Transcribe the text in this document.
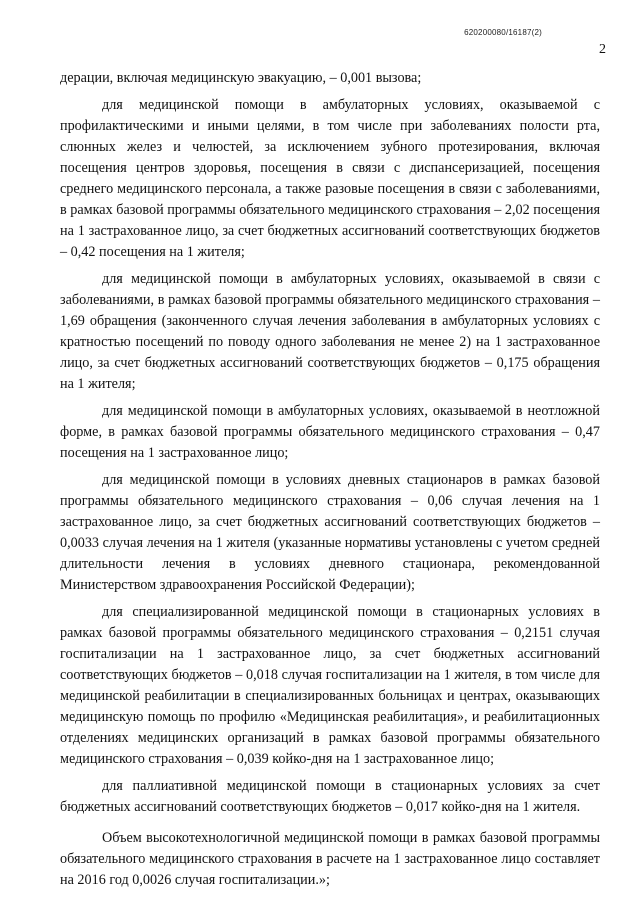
620200080/16187(2)
2

дерации, включая медицинскую эвакуацию, – 0,001 вызова;

для медицинской помощи в амбулаторных условиях, оказываемой с профилактическими и иными целями, в том числе при заболеваниях полости рта, слюнных желез и челюстей, за исключением зубного протезирования, включая посещения центров здоровья, посещения в связи с диспансеризацией, посещения среднего медицинского персонала, а также разовые посещения в связи с заболеваниями, в рамках базовой программы обязательного медицинского страхования – 2,02 посещения на 1 застрахованное лицо, за счет бюджетных ассигнований соответствующих бюджетов – 0,42 посещения на 1 жителя;

для медицинской помощи в амбулаторных условиях, оказываемой в связи с заболеваниями, в рамках базовой программы обязательного медицинского страхования – 1,69 обращения (законченного случая лечения заболевания в амбулаторных условиях с кратностью посещений по поводу одного заболевания не менее 2) на 1 застрахованное лицо, за счет бюджетных ассигнований соответствующих бюджетов – 0,175 обращения на 1 жителя;

для медицинской помощи в амбулаторных условиях, оказываемой в неотложной форме, в рамках базовой программы обязательного медицинского страхования – 0,47 посещения на 1 застрахованное лицо;

для медицинской помощи в условиях дневных стационаров в рамках базовой программы обязательного медицинского страхования – 0,06 случая лечения на 1 застрахованное лицо, за счет бюджетных ассигнований соответствующих бюджетов – 0,0033 случая лечения на 1 жителя (указанные нормативы установлены с учетом средней длительности лечения в условиях дневного стационара, рекомендованной Министерством здравоохранения Российской Федерации);

для специализированной медицинской помощи в стационарных условиях в рамках базовой программы обязательного медицинского страхования – 0,2151 случая госпитализации на 1 застрахованное лицо, за счет бюджетных ассигнований соответствующих бюджетов – 0,018 случая госпитализации на 1 жителя, в том числе для медицинской реабилитации в специализированных больницах и центрах, оказывающих медицинскую помощь по профилю «Медицинская реабилитация», и реабилитационных отделениях медицинских организаций в рамках базовой программы обязательного медицинского страхования – 0,039 койко-дня на 1 застрахованное лицо;

для паллиативной медицинской помощи в стационарных условиях за счет бюджетных ассигнований соответствующих бюджетов – 0,017 койко-дня на 1 жителя.

Объем высокотехнологичной медицинской помощи в рамках базовой программы обязательного медицинского страхования в расчете на 1 застрахованное лицо составляет на 2016 год 0,0026 случая госпитализации.»;
